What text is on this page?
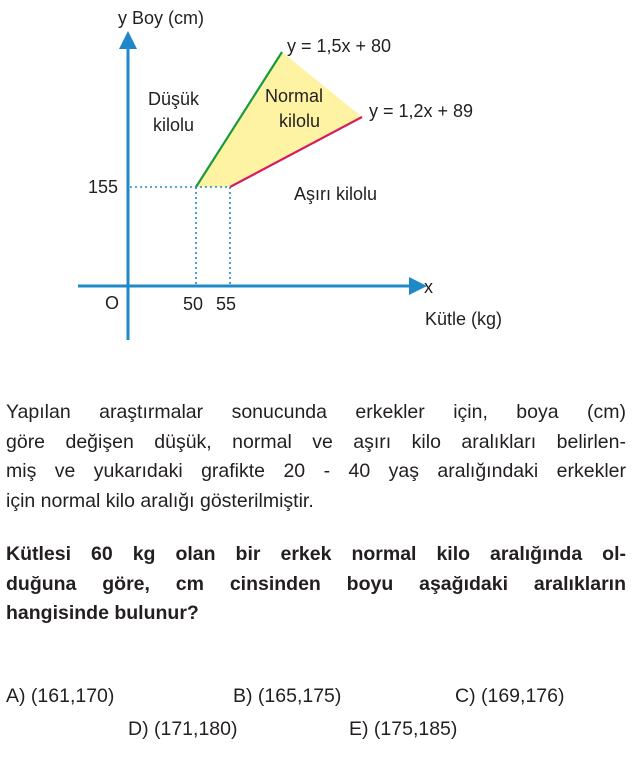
y Boy (cm)
x
Kütle (kg)
O
155
50 55
y = 1,5x + 80
y = 1,2x + 89
Düşük
kilolu
Normal
kilolu
Aşırı kilolu
Yapılan araştırmalar sonucunda erkekler için, boya (cm)
göre değişen düşük, normal ve aşırı kilo aralıkları belirlen-
miş ve yukarıdaki grafikte 20 - 40 yaş aralığındaki erkekler
için normal kilo aralığı gösterilmiştir.
Kütlesi 60 kg olan bir erkek normal kilo aralığında ol-
duğuna göre, cm cinsinden boyu aşağıdaki aralıkların
hangisinde bulunur?
A) (161,170)	B) (165,175)	C) (169,176)
D) (171,180)	E) (175,185)
